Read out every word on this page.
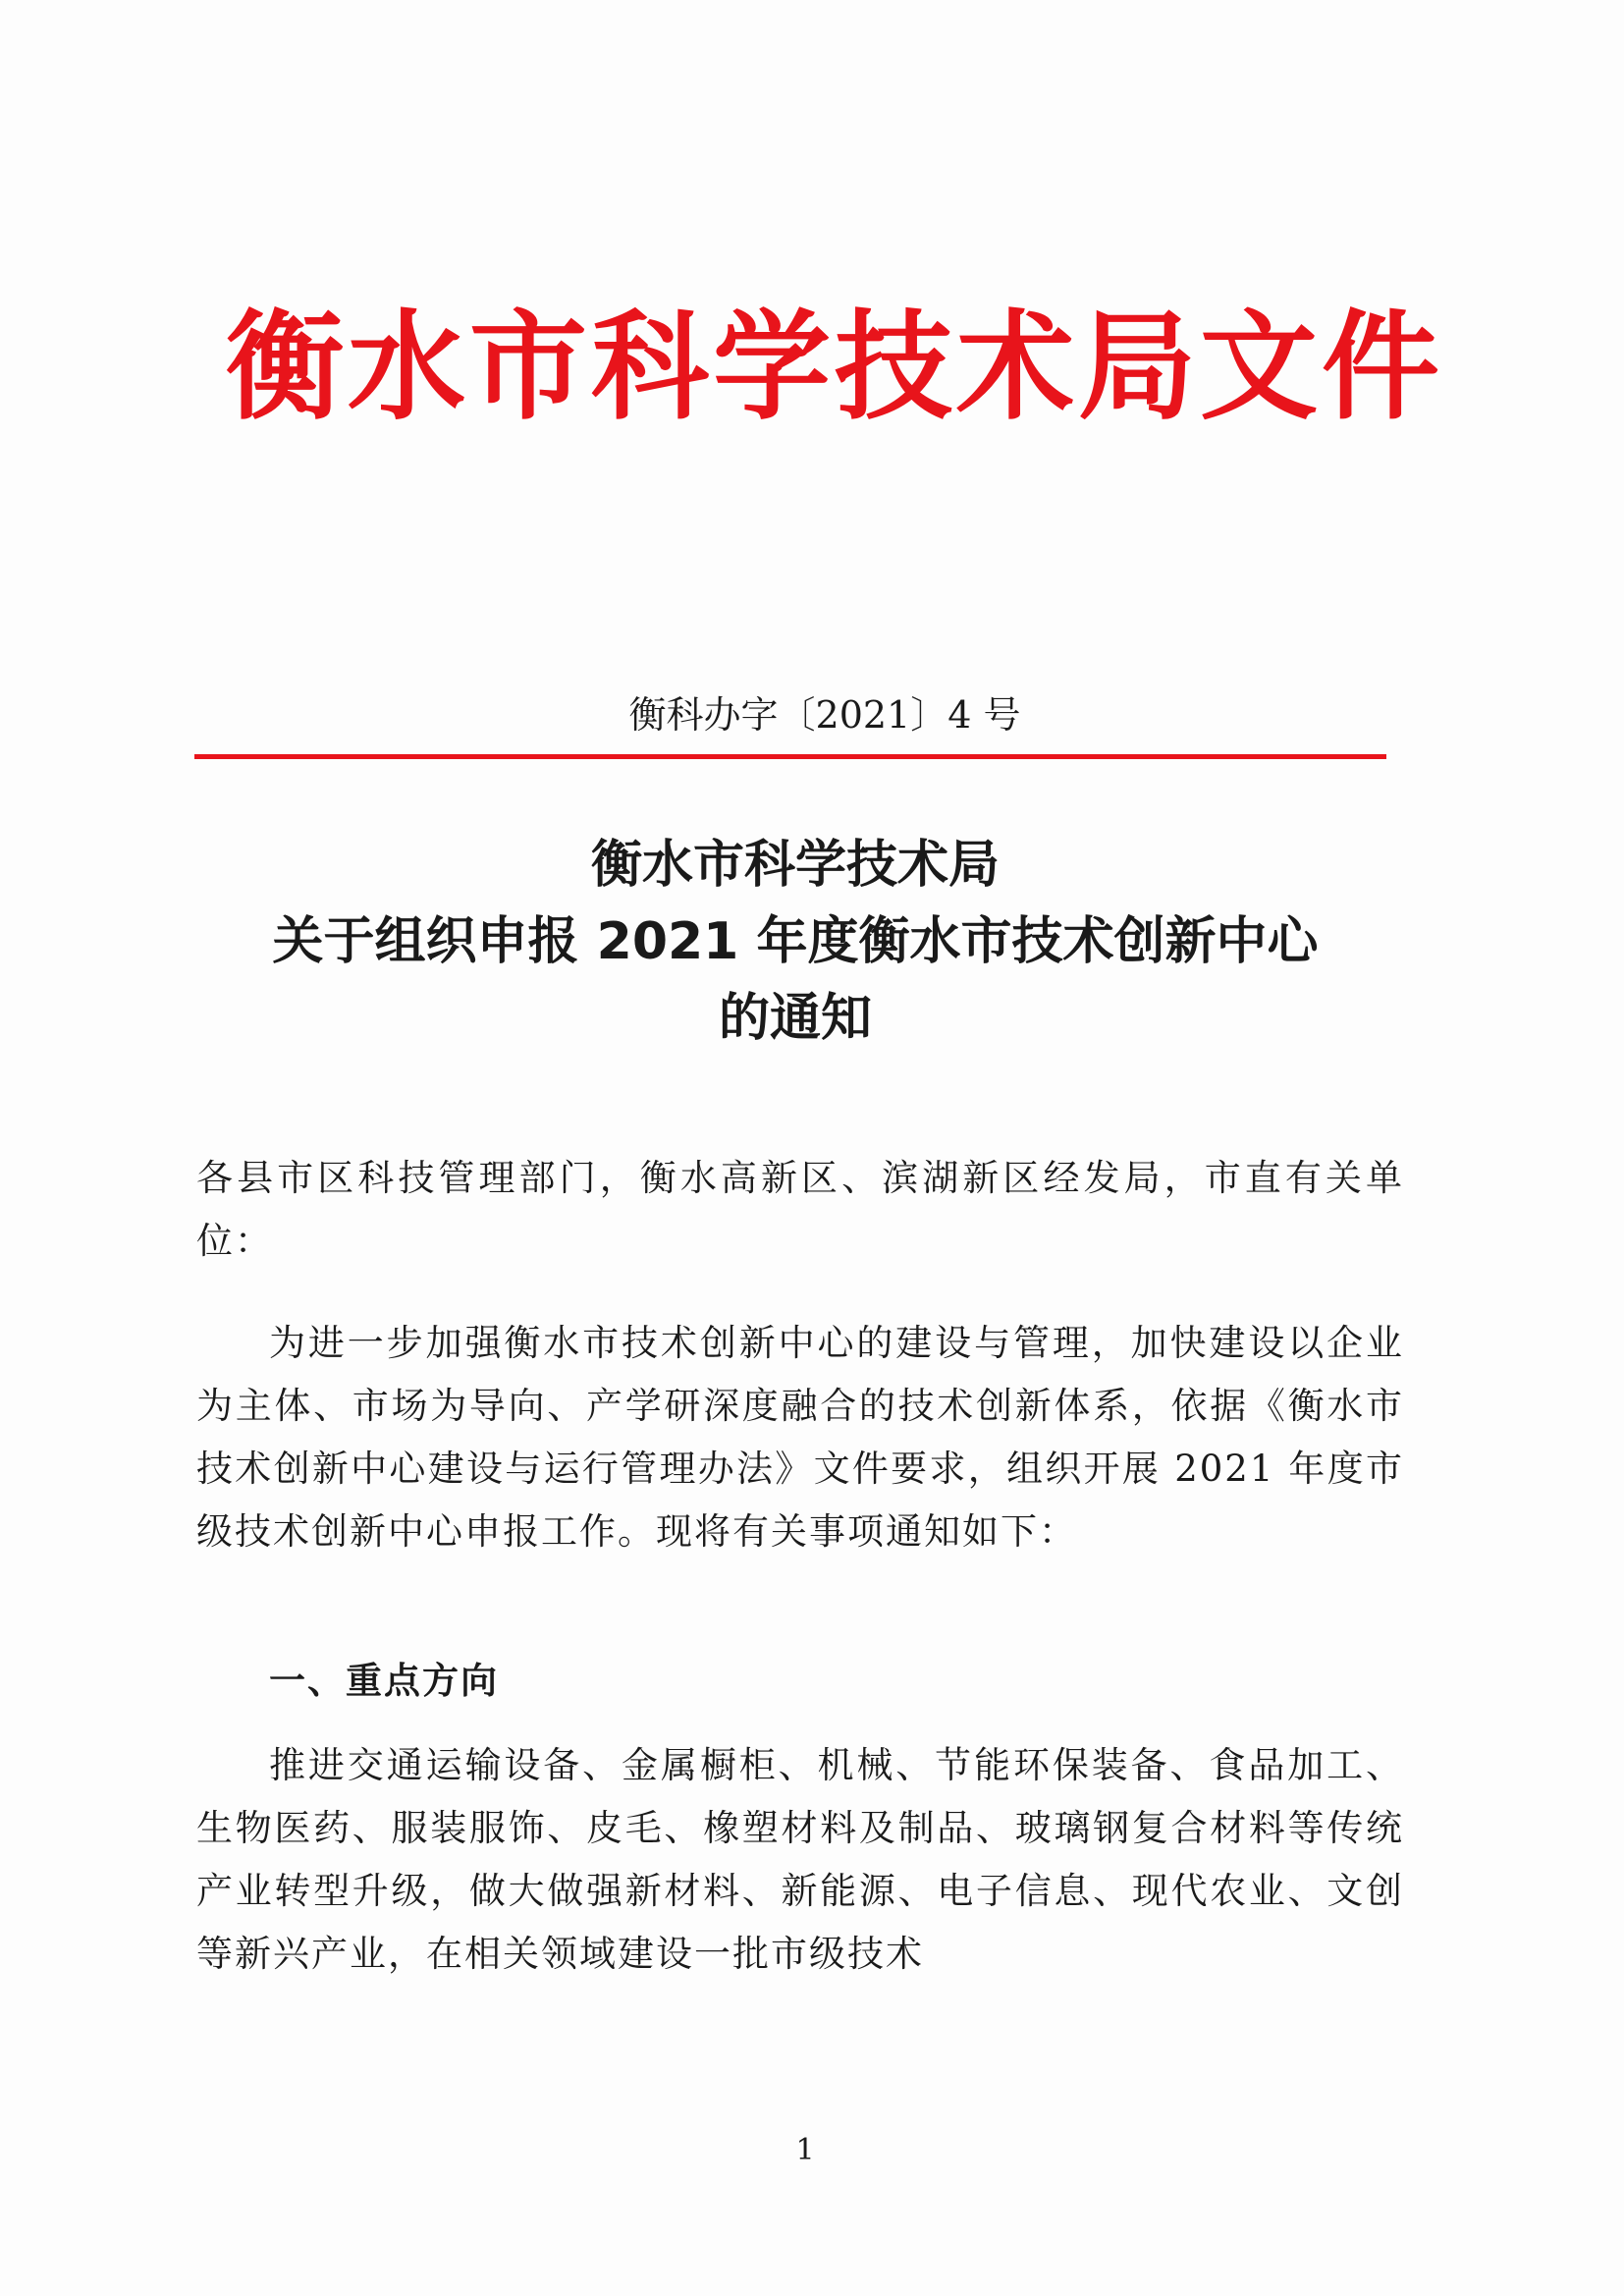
衡水市科学技术局文件
衡科办字〔2021〕4 号
衡水市科学技术局
关于组织申报 2021 年度衡水市技术创新中心
的通知
各县市区科技管理部门，衡水高新区、滨湖新区经发局，市直有关单位：
为进一步加强衡水市技术创新中心的建设与管理，加快建设以企业为主体、市场为导向、产学研深度融合的技术创新体系，依据《衡水市技术创新中心建设与运行管理办法》文件要求，组织开展 2021 年度市级技术创新中心申报工作。现将有关事项通知如下：
一、重点方向
推进交通运输设备、金属橱柜、机械、节能环保装备、食品加工、生物医药、服装服饰、皮毛、橡塑材料及制品、玻璃钢复合材料等传统产业转型升级，做大做强新材料、新能源、电子信息、现代农业、文创等新兴产业，在相关领域建设一批市级技术
1
